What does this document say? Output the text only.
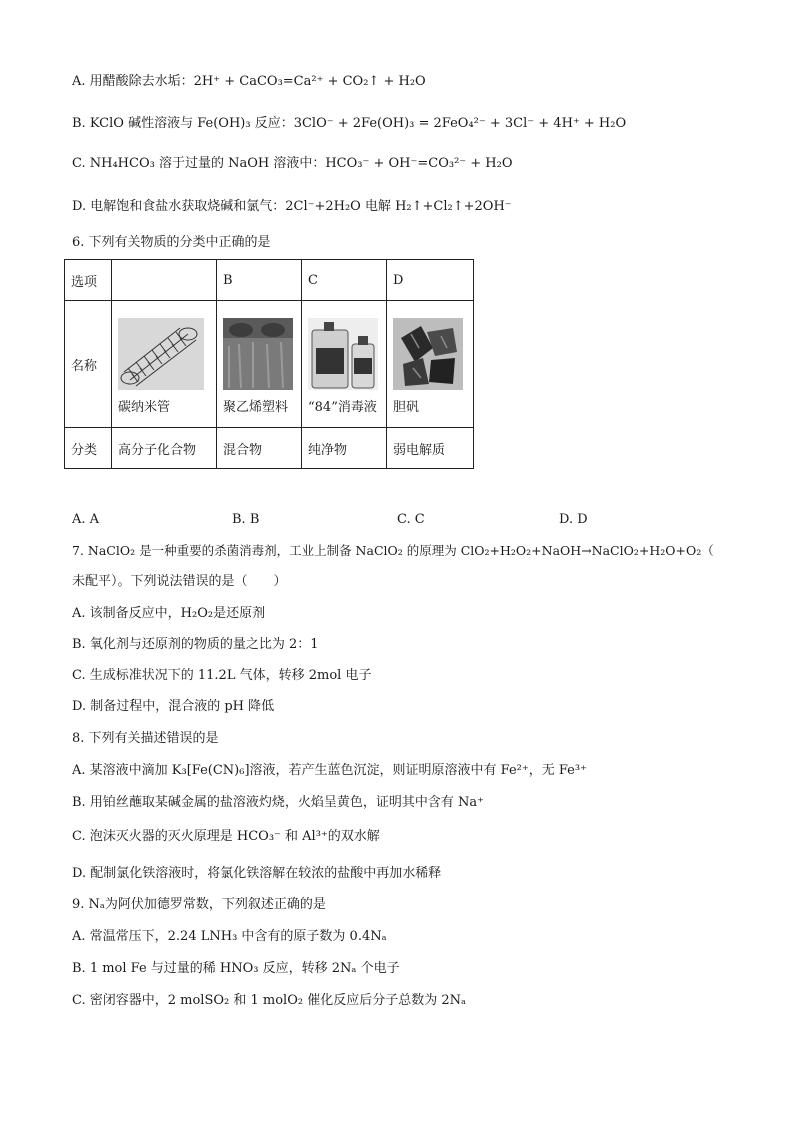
A. 用醋酸除去水垢：2H⁺ + CaCO₃=Ca²⁺ + CO₂↑ + H₂O
B. KClO 碱性溶液与 Fe(OH)₃ 反应：3ClO⁻ + 2Fe(OH)₃ = 2FeO₄²⁻ + 3Cl⁻ + 4H⁺ + H₂O
C. NH₄HCO₃ 溶于过量的 NaOH 溶液中：HCO₃⁻ + OH⁻=CO₃²⁻ + H₂O
D. 电解饱和食盐水获取烧碱和氯气：2Cl⁻+2H₂O 电解 H₂↑+Cl₂↑+2OH⁻
6. 下列有关物质的分类中正确的是
选项		B	C	D
名称	碳纳米管	聚乙烯塑料	“84”消毒液	胆矾

分类	高分子化合物	混合物	纯净物	弱电解质
A. A	B. B	C. C	D. D
7. NaClO₂ 是一种重要的杀菌消毒剂，工业上制备 NaClO₂ 的原理为 ClO₂+H₂O₂+NaOH→NaClO₂+H₂O+O₂（
未配平）。下列说法错误的是（　　）
A. 该制备反应中，H₂O₂是还原剂
B. 氧化剂与还原剂的物质的量之比为 2：1
C. 生成标准状况下的 11.2L 气体，转移 2mol 电子
D. 制备过程中，混合液的 pH 降低
8. 下列有关描述错误的是
A. 某溶液中滴加 K₃[Fe(CN)₆]溶液，若产生蓝色沉淀，则证明原溶液中有 Fe²⁺，无 Fe³⁺
B. 用铂丝蘸取某碱金属的盐溶液灼烧，火焰呈黄色，证明其中含有 Na⁺
C. 泡沫灭火器的灭火原理是 HCO₃⁻ 和 Al³⁺的双水解
D. 配制氯化铁溶液时，将氯化铁溶解在较浓的盐酸中再加水稀释
9. Nₐ为阿伏加德罗常数，下列叙述正确的是
A. 常温常压下，2.24 LNH₃ 中含有的原子数为 0.4Nₐ
B. 1 mol Fe 与过量的稀 HNO₃ 反应，转移 2Nₐ 个电子
C. 密闭容器中，2 molSO₂ 和 1 molO₂ 催化反应后分子总数为 2Nₐ
